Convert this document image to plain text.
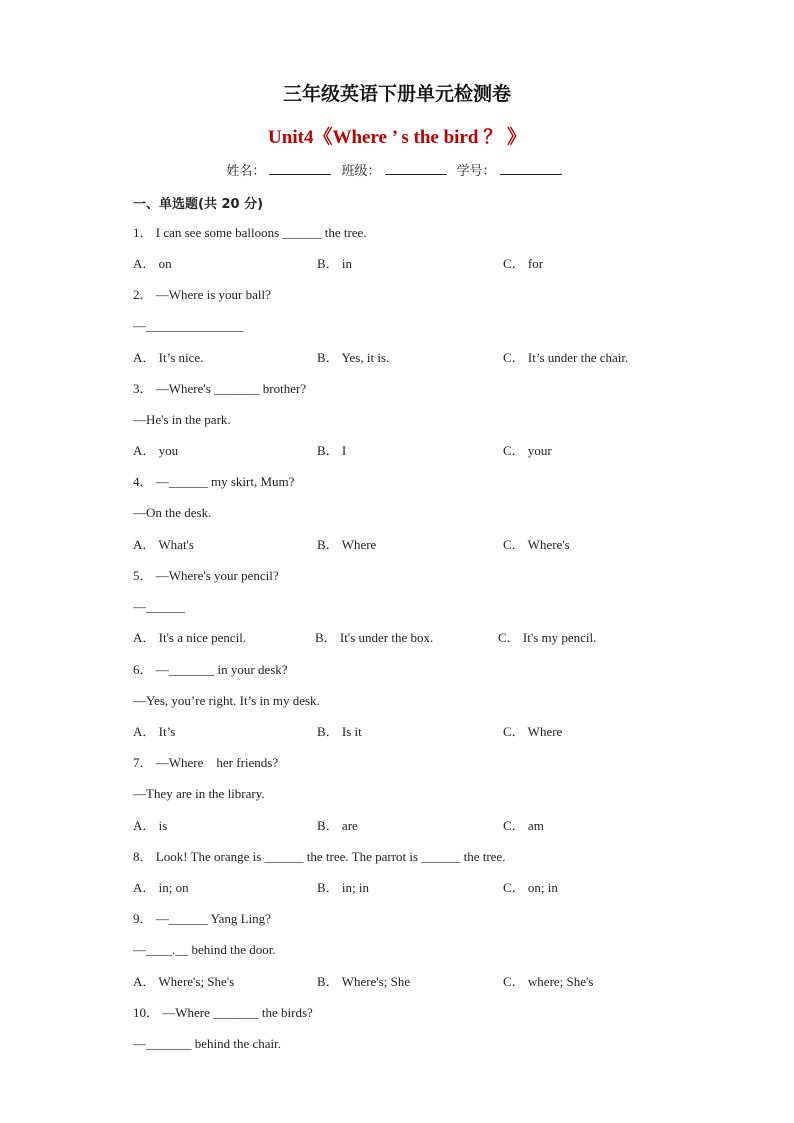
三年级英语下册单元检测卷
Unit4《Where ’ s the bird ？ 》
姓名：	班级：	学号：
一、单选题(共 20 分)
1． I can see some balloons ______ the tree.
A． on	B． in	C． for
2． —Where is your ball?
—_______________
A． It’s nice.	B． Yes, it is.	C． It’s under the chair.
3． —Where's _______ brother?
—He's in the park.
A． you	B． I	C． your
4． —______ my skirt, Mum?
—On the desk.
A． What's	B． Where	C． Where's
5． —Where's your pencil?
—______
A． It's a nice pencil.	B． It's under the box.	C． It's my pencil.
6． —_______ in your desk?
—Yes, you’re right. It’s in my desk.
A． It’s	B． Is it	C． Where
7． —Where    her friends?
—They are in the library.
A． is	B． are	C． am
8． Look! The orange is ______ the tree. The parrot is ______ the tree.
A． in; on	B． in; in	C． on; in
9． —______ Yang Ling?
—____.__ behind the door.
A． Where's; She's	B． Where's; She	C． where; She's
10． —Where _______ the birds?
—_______ behind the chair.
